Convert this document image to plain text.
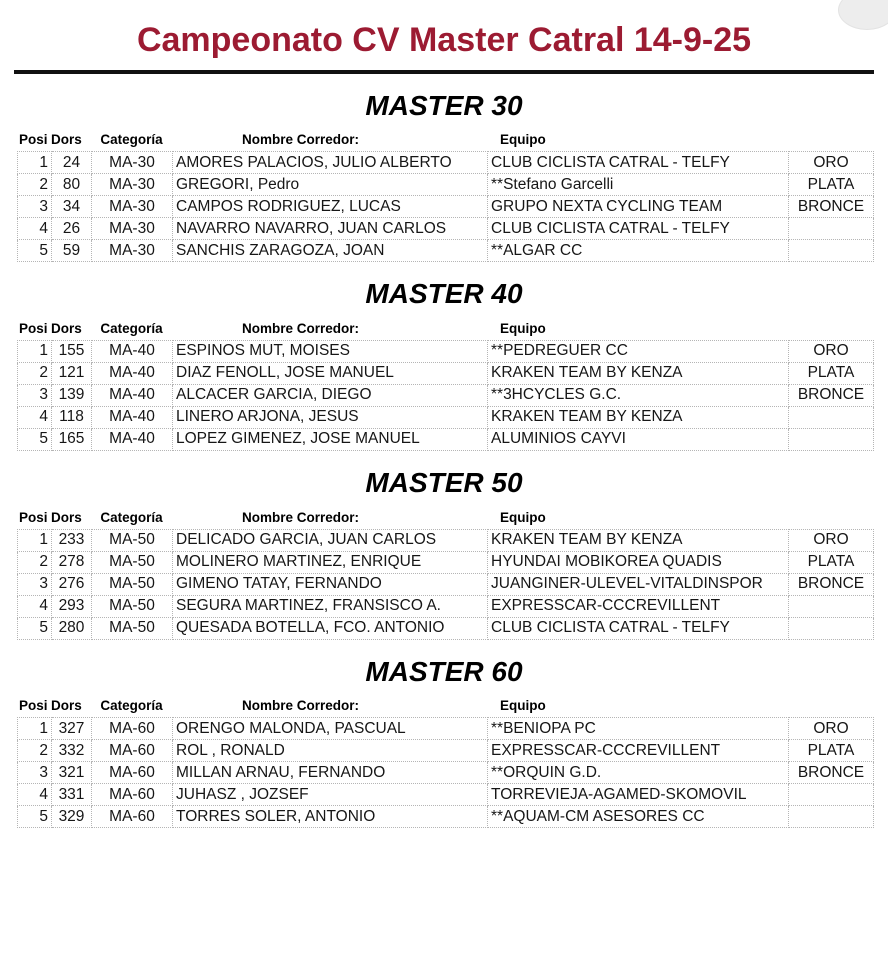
Campeonato CV Master Catral 14-9-25
MASTER 30
Posi Dors	Categoría	Nombre Corredor:	Equipo
1	24	MA-30	AMORES PALACIOS, JULIO ALBERTO	CLUB CICLISTA CATRAL - TELFY	ORO
2	80	MA-30	GREGORI, Pedro	**Stefano Garcelli	PLATA
3	34	MA-30	CAMPOS RODRIGUEZ, LUCAS	GRUPO NEXTA CYCLING TEAM	BRONCE
4	26	MA-30	NAVARRO NAVARRO, JUAN CARLOS	CLUB CICLISTA CATRAL - TELFY	
5	59	MA-30	SANCHIS ZARAGOZA, JOAN	**ALGAR CC	
MASTER 40
Posi Dors	Categoría	Nombre Corredor:	Equipo
1	155	MA-40	ESPINOS MUT, MOISES	**PEDREGUER CC	ORO
2	121	MA-40	DIAZ FENOLL, JOSE MANUEL	KRAKEN TEAM BY KENZA	PLATA
3	139	MA-40	ALCACER GARCIA, DIEGO	**3HCYCLES G.C.	BRONCE
4	118	MA-40	LINERO ARJONA, JESUS	KRAKEN TEAM BY KENZA	
5	165	MA-40	LOPEZ GIMENEZ, JOSE MANUEL	ALUMINIOS CAYVI	
MASTER 50
Posi Dors	Categoría	Nombre Corredor:	Equipo
1	233	MA-50	DELICADO GARCIA, JUAN CARLOS	KRAKEN TEAM BY KENZA	ORO
2	278	MA-50	MOLINERO MARTINEZ, ENRIQUE	HYUNDAI MOBIKOREA QUADIS	PLATA
3	276	MA-50	GIMENO TATAY, FERNANDO	JUANGINER-ULEVEL-VITALDINSPOR	BRONCE
4	293	MA-50	SEGURA MARTINEZ, FRANSISCO A.	EXPRESSCAR-CCCREVILLENT	
5	280	MA-50	QUESADA BOTELLA, FCO. ANTONIO	CLUB CICLISTA CATRAL - TELFY	
MASTER 60
Posi Dors	Categoría	Nombre Corredor:	Equipo
1	327	MA-60	ORENGO MALONDA, PASCUAL	**BENIOPA PC	ORO
2	332	MA-60	ROL , RONALD	EXPRESSCAR-CCCREVILLENT	PLATA
3	321	MA-60	MILLAN ARNAU, FERNANDO	**ORQUIN G.D.	BRONCE
4	331	MA-60	JUHASZ , JOZSEF	TORREVIEJA-AGAMED-SKOMOVIL	
5	329	MA-60	TORRES SOLER, ANTONIO	**AQUAM-CM ASESORES CC	
